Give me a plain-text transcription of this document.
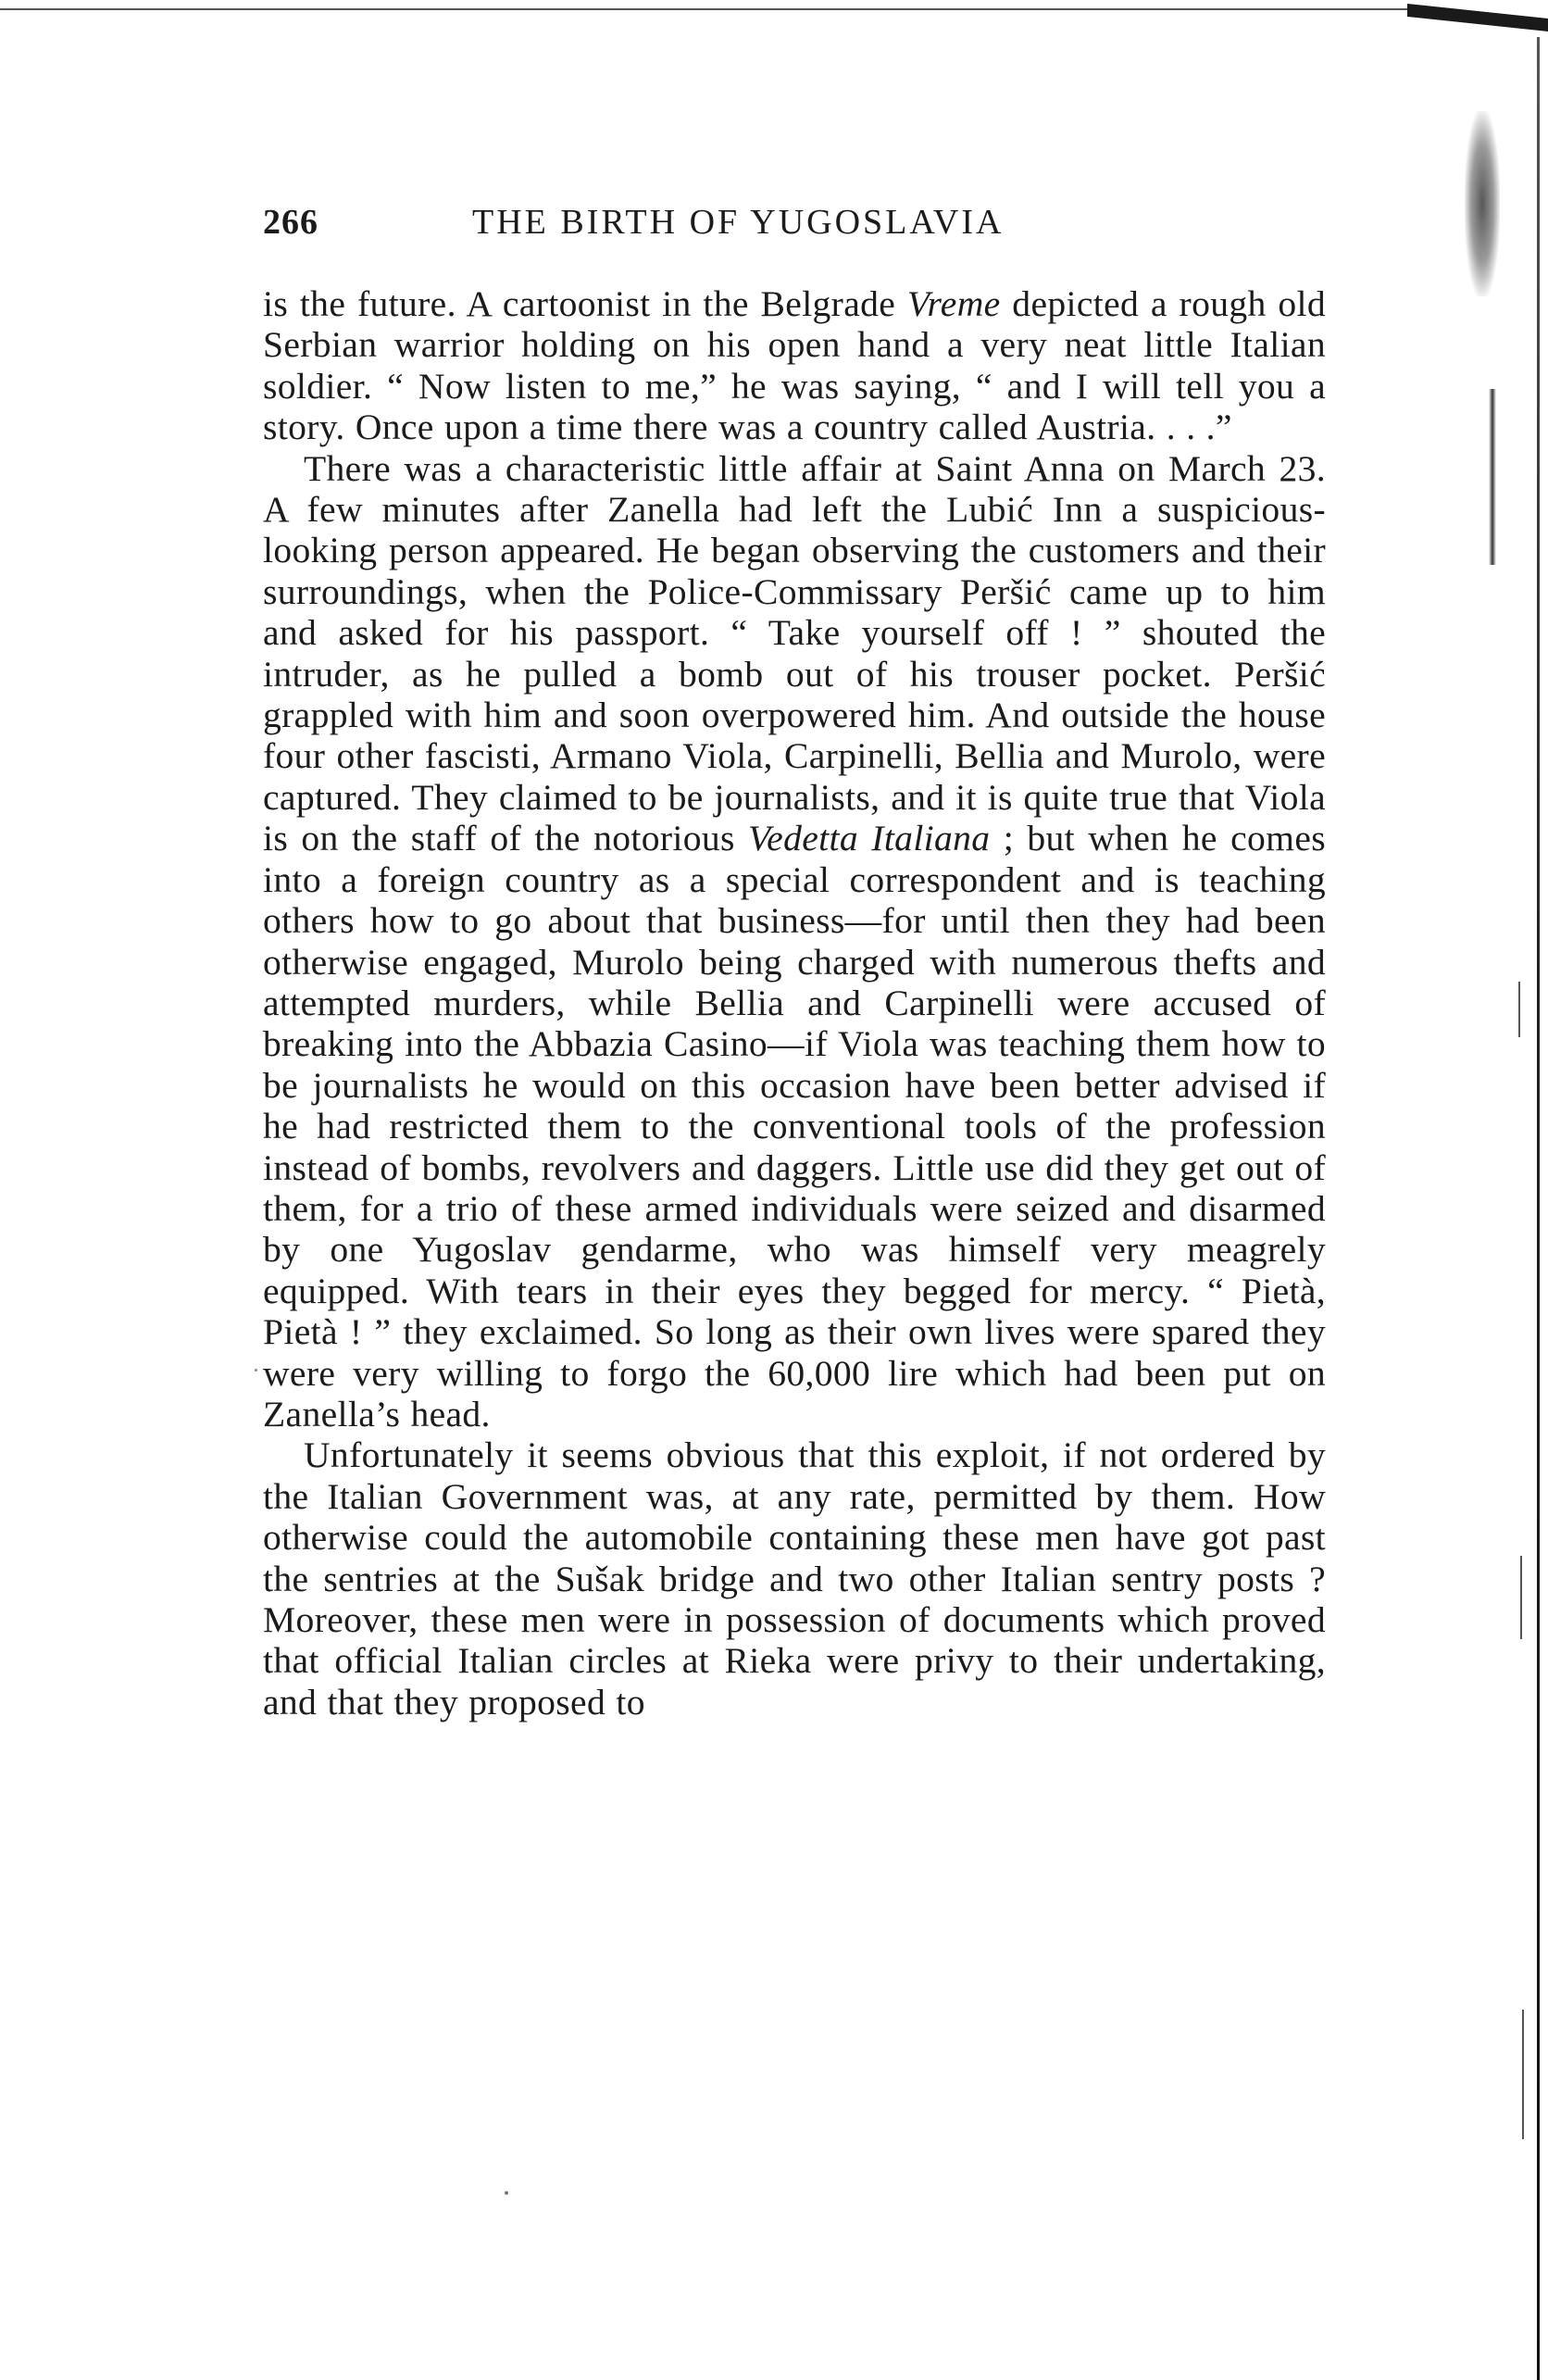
266	THE BIRTH OF YUGOSLAVIA

is the future. A cartoonist in the Belgrade Vreme depicted a rough old Serbian warrior holding on his open hand a very neat little Italian soldier. “ Now listen to me,” he was saying, “ and I will tell you a story. Once upon a time there was a country called Austria. . . .”

There was a characteristic little affair at Saint Anna on March 23. A few minutes after Zanella had left the Lubić Inn a suspicious-looking person appeared. He began observing the customers and their surroundings, when the Police-Commissary Peršić came up to him and asked for his passport. “ Take yourself off ! ” shouted the intruder, as he pulled a bomb out of his trouser pocket. Peršić grappled with him and soon overpowered him. And outside the house four other fascisti, Armano Viola, Carpinelli, Bellia and Murolo, were captured. They claimed to be journalists, and it is quite true that Viola is on the staff of the notorious Vedetta Italiana ; but when he comes into a foreign country as a special correspondent and is teaching others how to go about that business—for until then they had been otherwise engaged, Murolo being charged with numerous thefts and attempted murders, while Bellia and Carpinelli were accused of breaking into the Abbazia Casino—if Viola was teaching them how to be journalists he would on this occasion have been better advised if he had restricted them to the conventional tools of the profession instead of bombs, revolvers and daggers. Little use did they get out of them, for a trio of these armed individuals were seized and disarmed by one Yugoslav gendarme, who was himself very meagrely equipped. With tears in their eyes they begged for mercy. “ Pietà, Pietà ! ” they exclaimed. So long as their own lives were spared they were very willing to forgo the 60,000 lire which had been put on Zanella’s head.

Unfortunately it seems obvious that this exploit, if not ordered by the Italian Government was, at any rate, permitted by them. How otherwise could the automobile containing these men have got past the sentries at the Sušak bridge and two other Italian sentry posts ? Moreover, these men were in possession of documents which proved that official Italian circles at Rieka were privy to their undertaking, and that they proposed to
